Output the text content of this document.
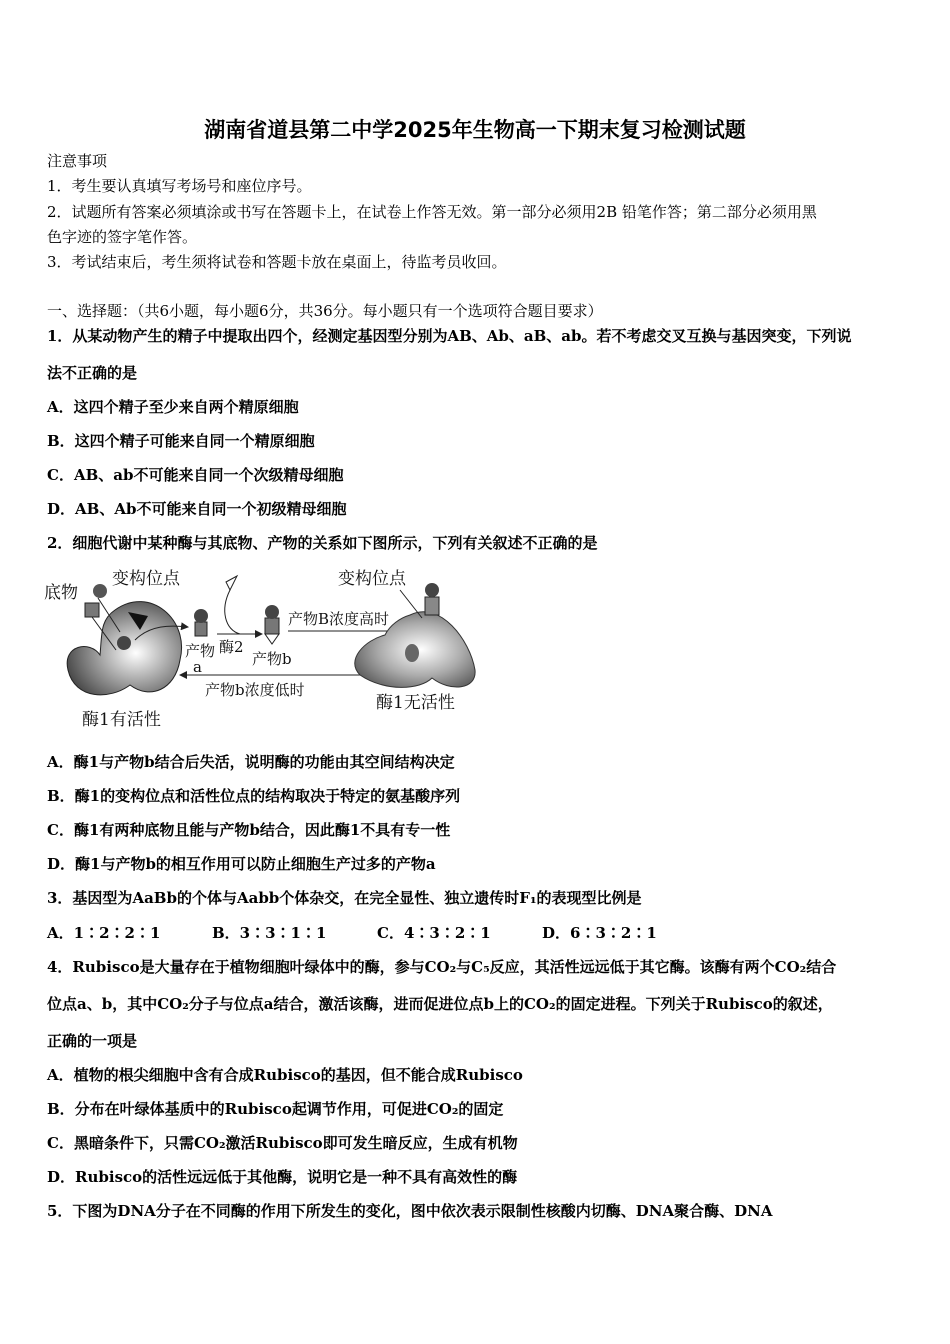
湖南省道县第二中学2025年生物高一下期末复习检测试题
注意事项
1．考生要认真填写考场号和座位序号。
2．试题所有答案必须填涂或书写在答题卡上，在试卷上作答无效。第一部分必须用2B 铅笔作答；第二部分必须用黑
色字迹的签字笔作答。
3．考试结束后，考生须将试卷和答题卡放在桌面上，待监考员收回。
一、选择题：（共6小题，每小题6分，共36分。每小题只有一个选项符合题目要求）
1．从某动物产生的精子中提取出四个，经测定基因型分别为AB、Ab、aB、ab。若不考虑交叉互换与基因突变，下列说
法不正确的是
A．这四个精子至少来自两个精原细胞
B．这四个精子可能来自同一个精原细胞
C．AB、ab不可能来自同一个次级精母细胞
D．AB、Ab不可能来自同一个初级精母细胞
2．细胞代谢中某种酶与其底物、产物的关系如下图所示，下列有关叙述不正确的是
底物
变构位点	变构位点
产物
a
酶2
产物b
产物B浓度高时
产物b浓度低时
酶1有活性
酶1无活性
A．酶1与产物b结合后失活，说明酶的功能由其空间结构决定
B．酶1的变构位点和活性位点的结构取决于特定的氨基酸序列
C．酶1有两种底物且能与产物b结合，因此酶1不具有专一性
D．酶1与产物b的相互作用可以防止细胞生产过多的产物a
3．基因型为AaBb的个体与Aabb个体杂交，在完全显性、独立遗传时F₁的表现型比例是
A．1∶2∶2∶1	B．3∶3∶1∶1	C．4∶3∶2∶1	D．6∶3∶2∶1
4．Rubisco是大量存在于植物细胞叶绿体中的酶，参与CO₂与C₅反应，其活性远远低于其它酶。该酶有两个CO₂结合
位点a、b，其中CO₂分子与位点a结合，激活该酶，进而促进位点b上的CO₂的固定进程。下列关于Rubisco的叙述，
正确的一项是
A．植物的根尖细胞中含有合成Rubisco的基因，但不能合成Rubisco
B．分布在叶绿体基质中的Rubisco起调节作用，可促进CO₂的固定
C．黑暗条件下，只需CO₂激活Rubisco即可发生暗反应，生成有机物
D．Rubisco的活性远远低于其他酶，说明它是一种不具有高效性的酶
5．下图为DNA分子在不同酶的作用下所发生的变化，图中依次表示限制性核酸内切酶、DNA聚合酶、DNA
